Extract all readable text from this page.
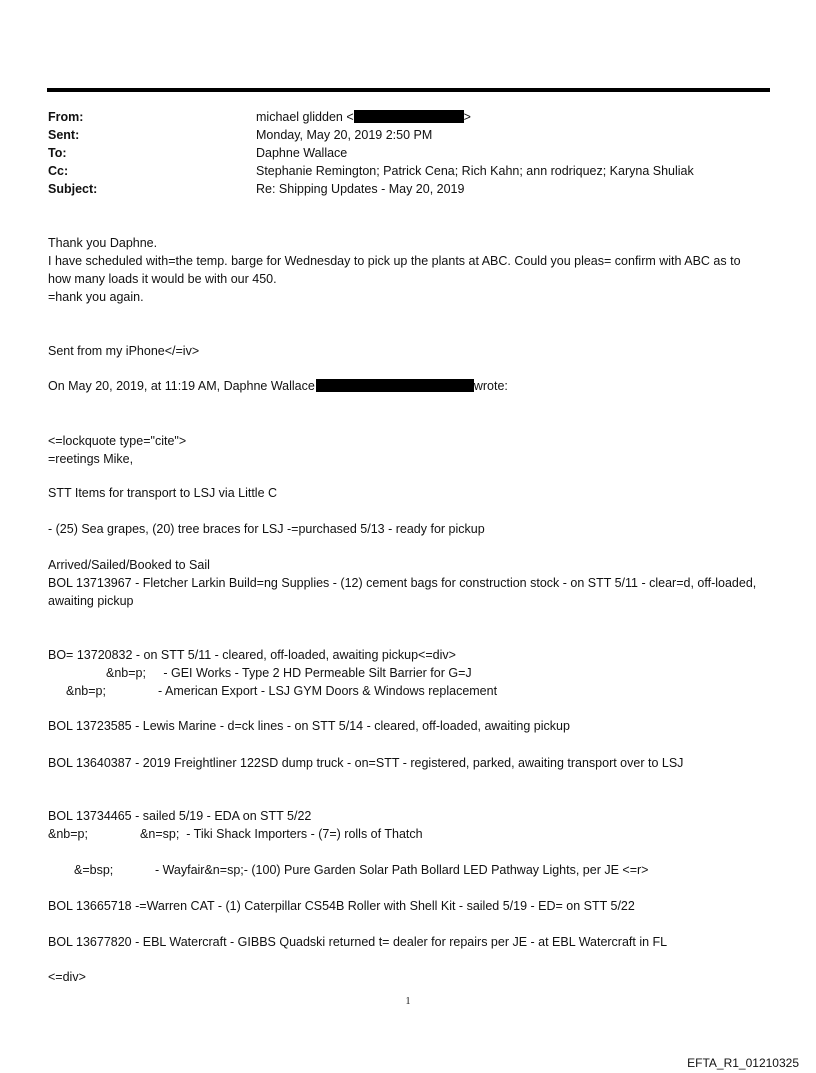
From:	michael glidden <	>
Sent:	Monday, May 20, 2019 2:50 PM
To:	Daphne Wallace
Cc:	Stephanie Remington; Patrick Cena; Rich Kahn; ann rodriquez; Karyna Shuliak
Subject:	Re: Shipping Updates - May 20, 2019
Thank you Daphne.
I have scheduled with=the temp. barge for Wednesday to pick up the plants at ABC. Could you pleas= confirm with ABC as to how many loads it would be with our 450.
=hank you again.
Sent from my iPhone</=iv>
On May 20, 2019, at 11:19 AM, Daphne Wallace	wrote:
<=lockquote type="cite">
=reetings Mike,
STT Items for transport to LSJ via Little C
- (25) Sea grapes, (20) tree braces for LSJ -=purchased 5/13 - ready for pickup
Arrived/Sailed/Booked to Sail
BOL 13713967 - Fletcher Larkin Build=ng Supplies - (12) cement bags for construction stock - on STT 5/11 - clear=d, off-loaded, awaiting pickup
BO= 13720832 - on STT 5/11 - cleared, off-loaded, awaiting pickup<=div>
&nb=p;     - GEI Works - Type 2 HD Permeable Silt Barrier for G=J
&nb=p;               - American Export - LSJ GYM Doors & Windows replacement
BOL 13723585 - Lewis Marine - d=ck lines - on STT 5/14 - cleared, off-loaded, awaiting pickup
BOL 13640387 - 2019 Freightliner 122SD dump truck - on=STT - registered, parked, awaiting transport over to LSJ
BOL 13734465 - sailed 5/19 - EDA on STT 5/22
&nb=p;               &n=sp;  - Tiki Shack Importers - (7=) rolls of Thatch
&=bsp;            - Wayfair&n=sp;- (100) Pure Garden Solar Path Bollard LED Pathway Lights, per JE <=r>
BOL 13665718 -=Warren CAT - (1) Caterpillar CS54B Roller with Shell Kit - sailed 5/19 - ED= on STT 5/22
BOL 13677820 - EBL Watercraft - GIBBS Quadski returned t= dealer for repairs per JE - at EBL Watercraft in FL
<=div>
1
EFTA_R1_01210325
